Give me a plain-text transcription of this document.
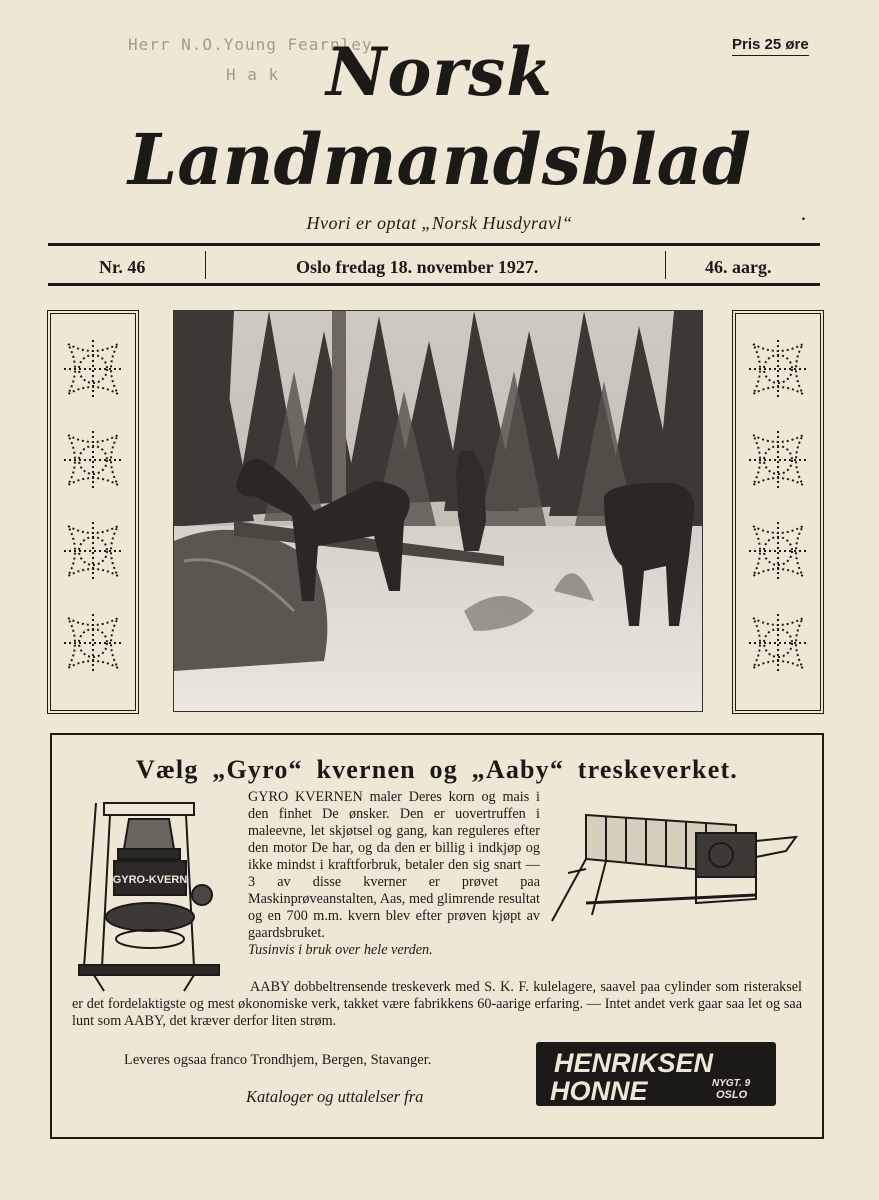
Herr N.O.Young Fearnley,
H a k
Pris 25 øre
Norsk
Landmandsblad
Hvori er optat „Norsk Husdyravl“	.
Nr. 46	Oslo fredag 18. november 1927.	46. aarg.
Vælg „Gyro“ kvernen og „Aaby“ treskeverket.
GYRO-KVERN
GYRO KVERNEN maler Deres korn og mais i den finhet De ønsker. Den er uovertruffen i maleevne, let skjøtsel og gang, kan reguleres efter den motor De har, og da den er billig i indkjøp og ikke mindst i kraftforbruk, betaler den sig snart — 3 av disse kverner er prøvet paa Maskinprøveanstalten, Aas, med glimrende resultat og en 700 m.m. kvern blev efter prøven kjøpt av gaardsbruket.
Tusinvis i bruk over hele verden.
AABY dobbeltrensende treskeverk med S. K. F. kulelagere, saavel paa cylinder som risteraksel er det fordelaktigste og mest økonomiske verk, takket være fabrikkens 60-aarige erfaring. — Intet andet verk gaar saa let og saa lunt som AABY, det kræver derfor liten strøm.
Leveres ogsaa franco Trondhjem, Bergen, Stavanger.
Kataloger og uttalelser fra
HENRIKSEN
HONNE	NYGT. 9
OSLO
